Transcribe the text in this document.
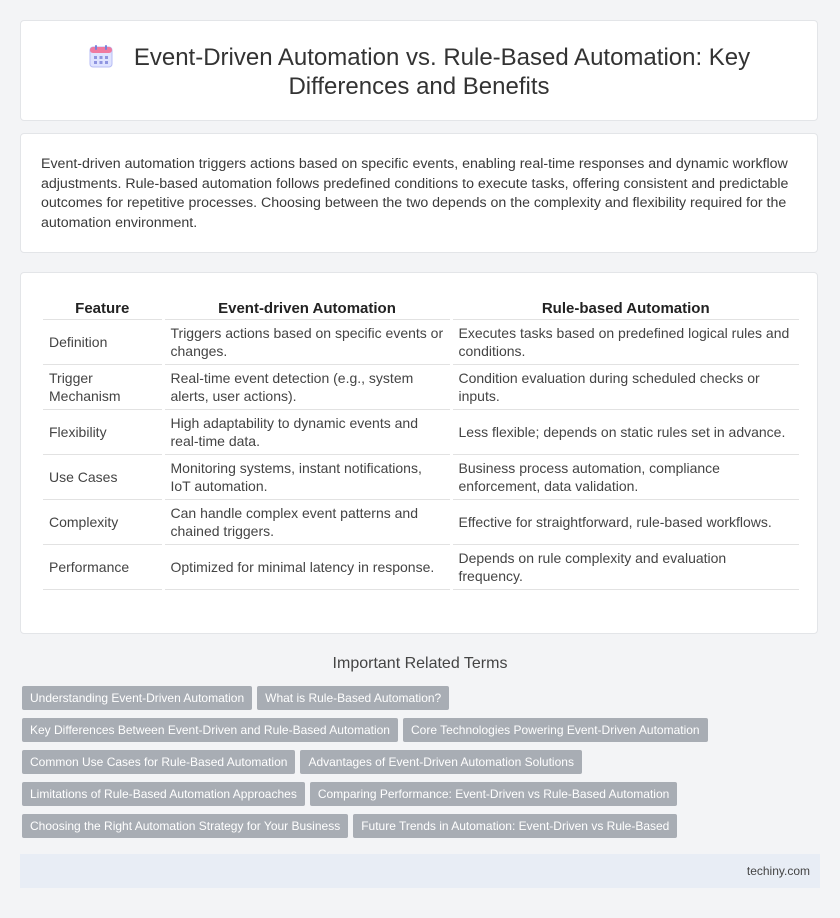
Event-Driven Automation vs. Rule-Based Automation: Key Differences and Benefits
Event-driven automation triggers actions based on specific events, enabling real-time responses and dynamic workflow adjustments. Rule-based automation follows predefined conditions to execute tasks, offering consistent and predictable outcomes for repetitive processes. Choosing between the two depends on the complexity and flexibility required for the automation environment.
Feature	Event-driven Automation	Rule-based Automation
Definition	Triggers actions based on specific events or changes.	Executes tasks based on predefined logical rules and conditions.
Trigger Mechanism	Real-time event detection (e.g., system alerts, user actions).	Condition evaluation during scheduled checks or inputs.
Flexibility	High adaptability to dynamic events and real-time data.	Less flexible; depends on static rules set in advance.
Use Cases	Monitoring systems, instant notifications, IoT automation.	Business process automation, compliance enforcement, data validation.
Complexity	Can handle complex event patterns and chained triggers.	Effective for straightforward, rule-based workflows.
Performance	Optimized for minimal latency in response.	Depends on rule complexity and evaluation frequency.
Important Related Terms
Understanding Event-Driven Automation What is Rule-Based Automation?
Key Differences Between Event-Driven and Rule-Based Automation Core Technologies Powering Event-Driven Automation
Common Use Cases for Rule-Based Automation Advantages of Event-Driven Automation Solutions
Limitations of Rule-Based Automation Approaches Comparing Performance: Event-Driven vs Rule-Based Automation
Choosing the Right Automation Strategy for Your Business Future Trends in Automation: Event-Driven vs Rule-Based
techiny.com
